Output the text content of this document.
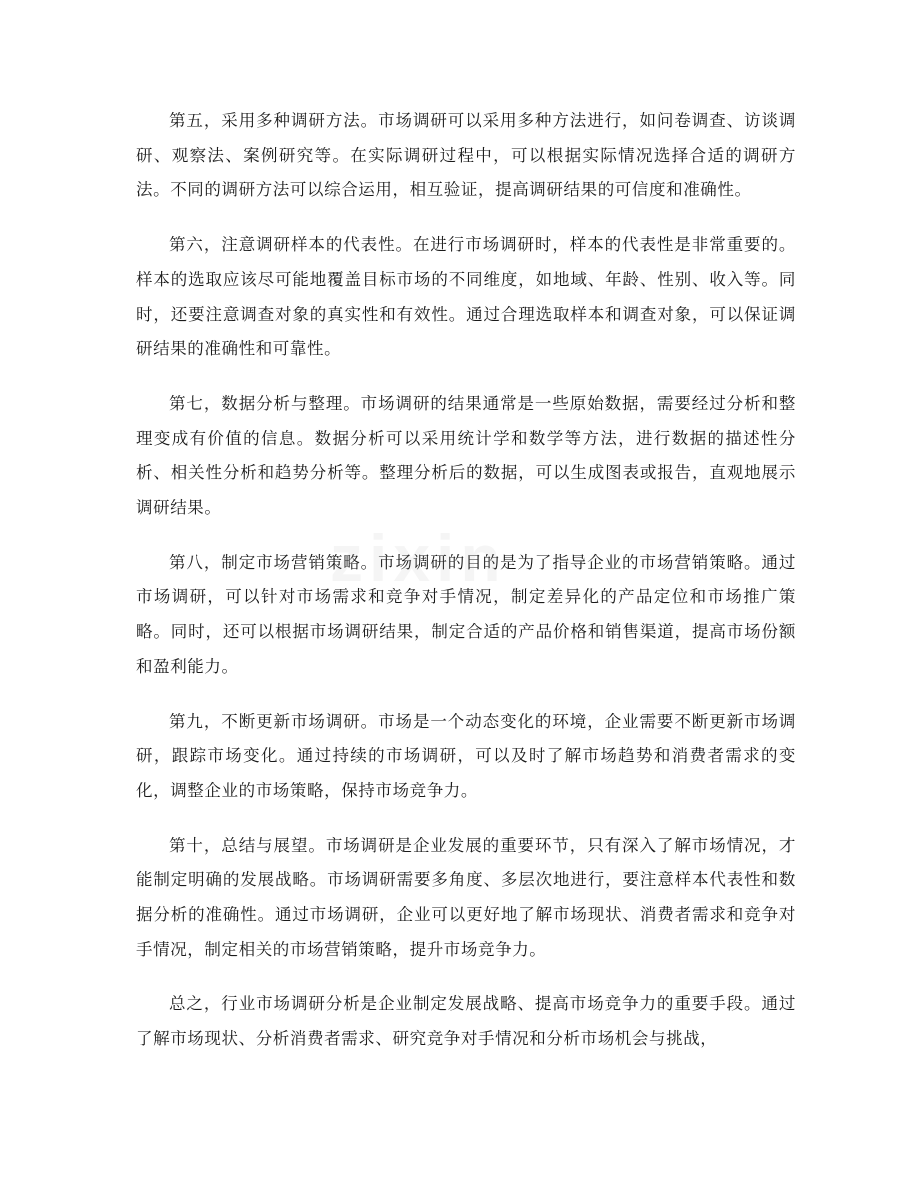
第五，采用多种调研方法。市场调研可以采用多种方法进行，如问卷调查、访谈调研、观察法、案例研究等。在实际调研过程中，可以根据实际情况选择合适的调研方法。不同的调研方法可以综合运用，相互验证，提高调研结果的可信度和准确性。

第六，注意调研样本的代表性。在进行市场调研时，样本的代表性是非常重要的。样本的选取应该尽可能地覆盖目标市场的不同维度，如地域、年龄、性别、收入等。同时，还要注意调查对象的真实性和有效性。通过合理选取样本和调查对象，可以保证调研结果的准确性和可靠性。

第七，数据分析与整理。市场调研的结果通常是一些原始数据，需要经过分析和整理变成有价值的信息。数据分析可以采用统计学和数学等方法，进行数据的描述性分析、相关性分析和趋势分析等。整理分析后的数据，可以生成图表或报告，直观地展示调研结果。

第八，制定市场营销策略。市场调研的目的是为了指导企业的市场营销策略。通过市场调研，可以针对市场需求和竞争对手情况，制定差异化的产品定位和市场推广策略。同时，还可以根据市场调研结果，制定合适的产品价格和销售渠道，提高市场份额和盈利能力。

第九，不断更新市场调研。市场是一个动态变化的环境，企业需要不断更新市场调研，跟踪市场变化。通过持续的市场调研，可以及时了解市场趋势和消费者需求的变化，调整企业的市场策略，保持市场竞争力。

第十，总结与展望。市场调研是企业发展的重要环节，只有深入了解市场情况，才能制定明确的发展战略。市场调研需要多角度、多层次地进行，要注意样本代表性和数据分析的准确性。通过市场调研，企业可以更好地了解市场现状、消费者需求和竞争对手情况，制定相关的市场营销策略，提升市场竞争力。

总之，行业市场调研分析是企业制定发展战略、提高市场竞争力的重要手段。通过了解市场现状、分析消费者需求、研究竞争对手情况和分析市场机会与挑战，

zixin
